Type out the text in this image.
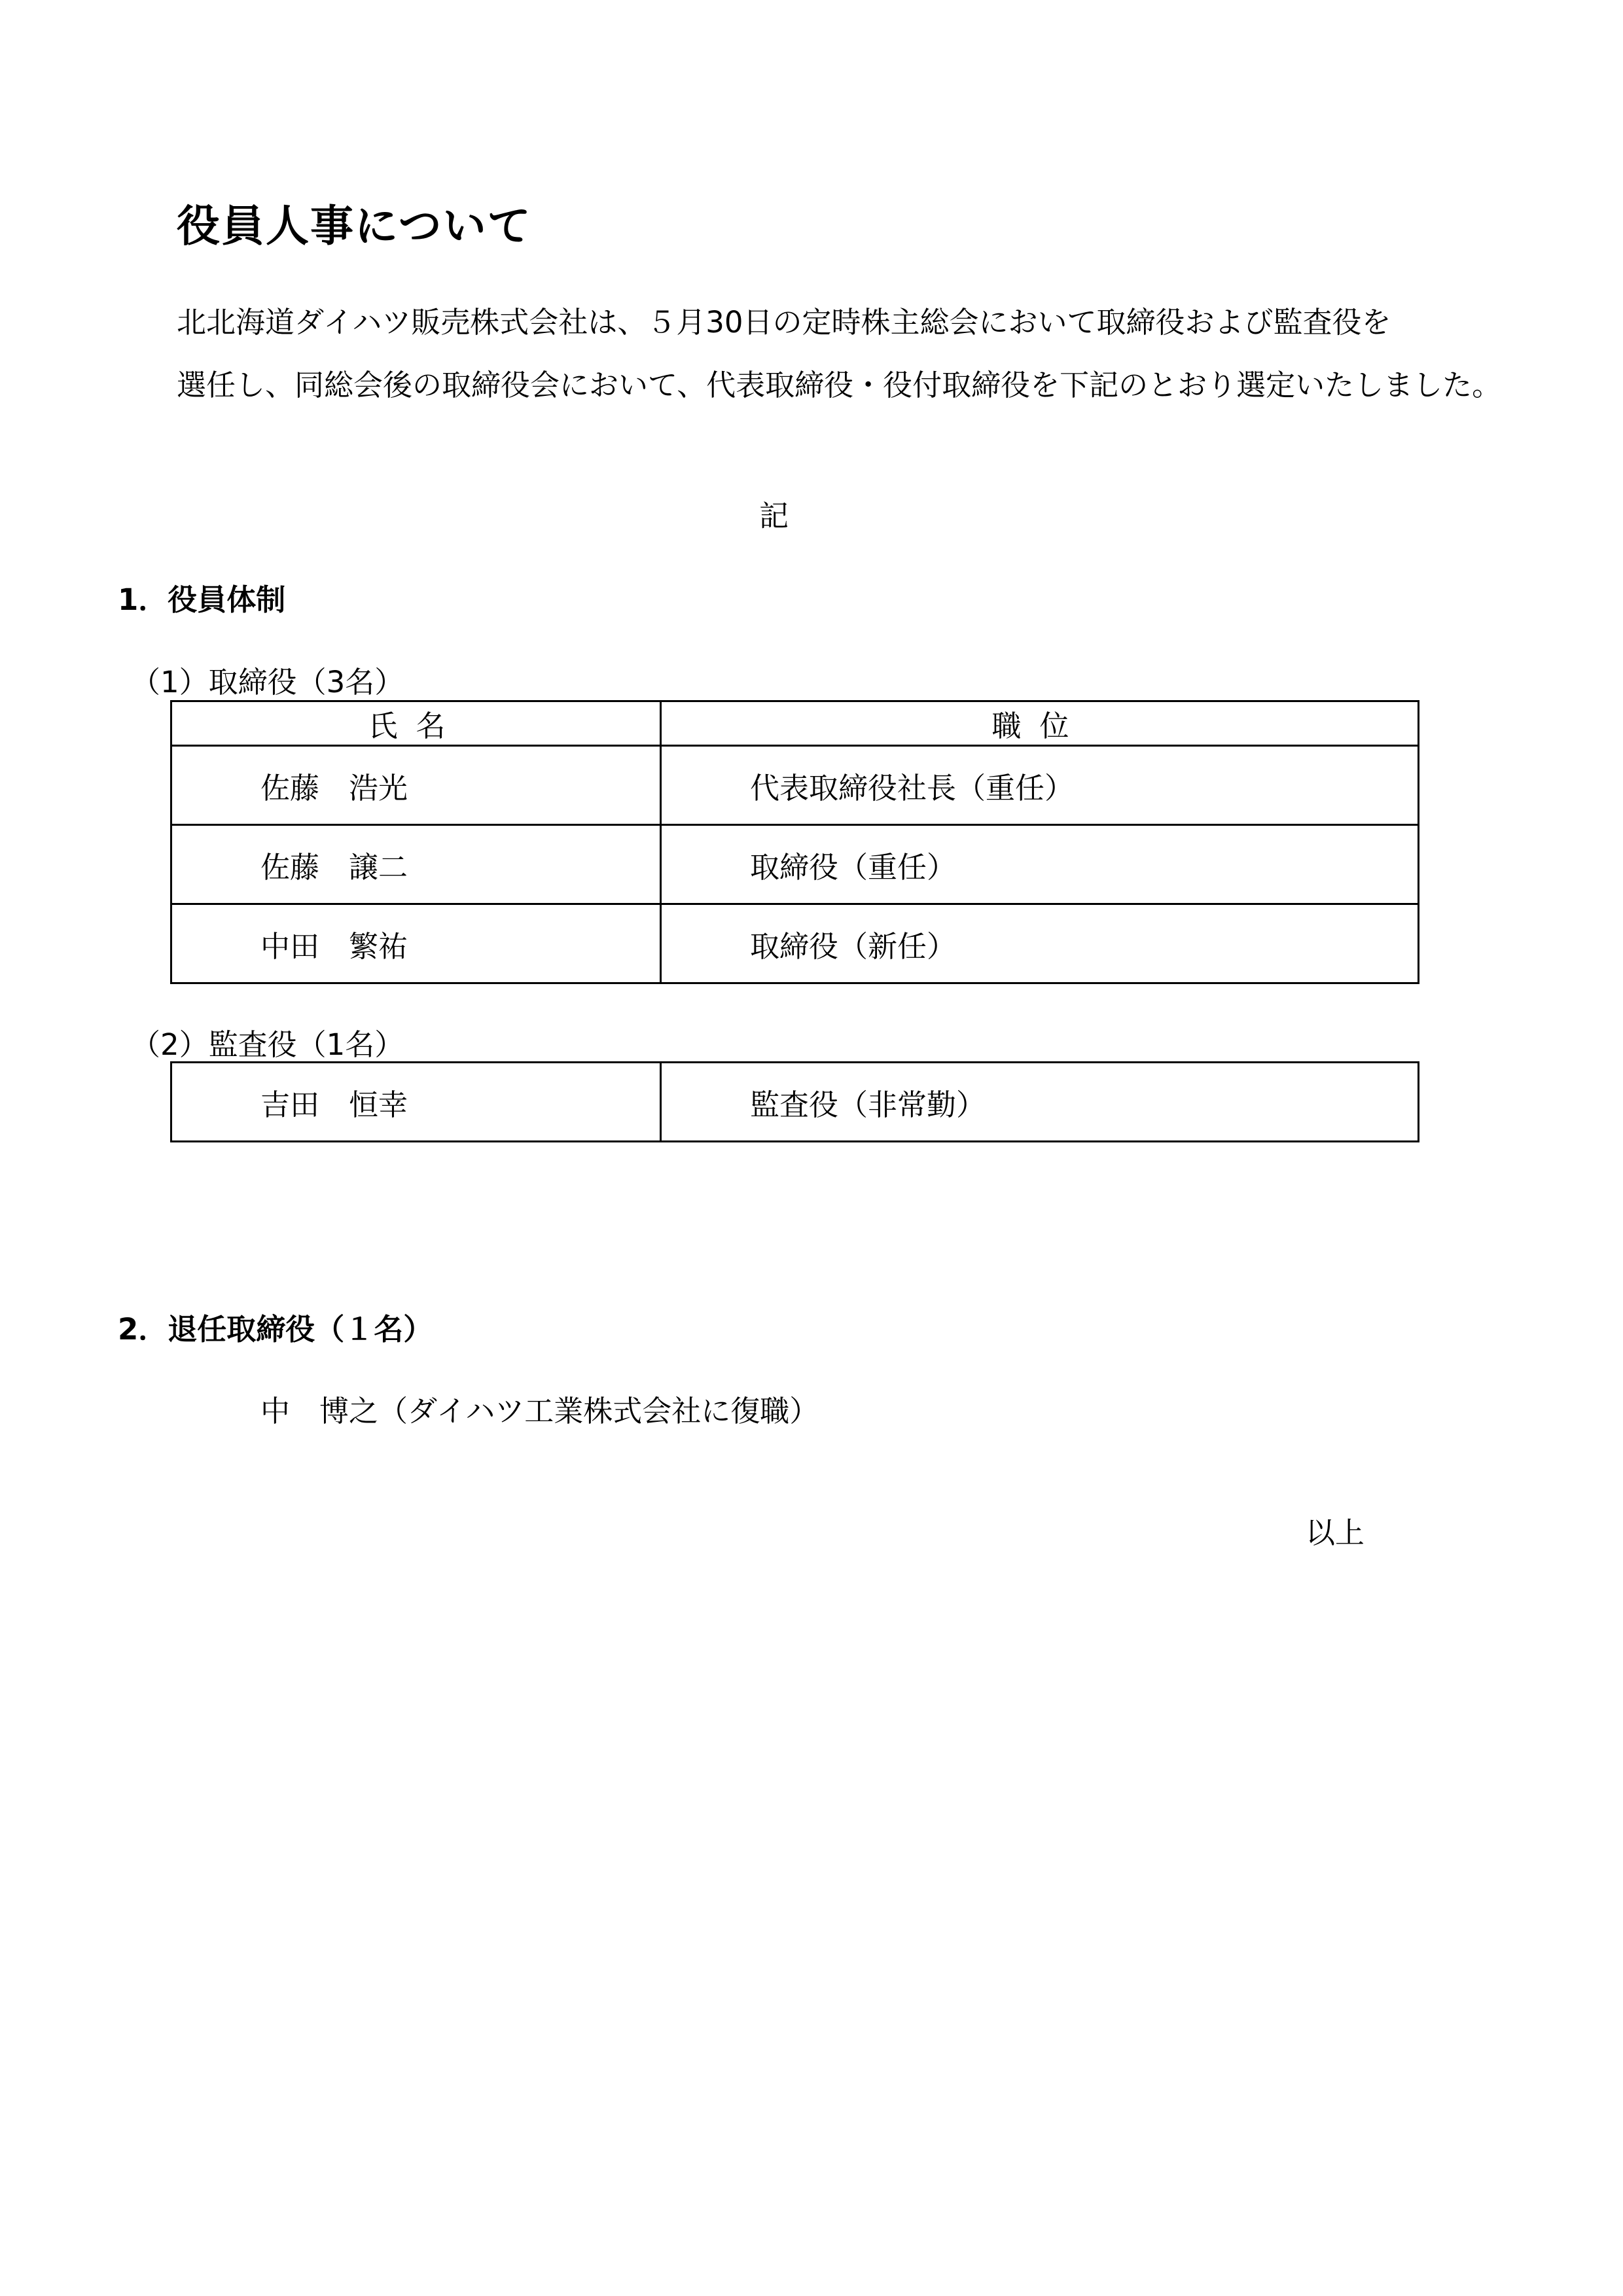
役員人事について
北北海道ダイハツ販売株式会社は、５月30日の定時株主総会において取締役および監査役を
選任し、同総会後の取締役会において、代表取締役・役付取締役を下記のとおり選定いたしました。
記
1．役員体制
（1）取締役（3名）
氏名	職位
佐藤　浩光	代表取締役社長（重任）
佐藤　譲二	取締役（重任）
中田　繁祐	取締役（新任）
（2）監査役（1名）
吉田　恒幸	監査役（非常勤）
2．退任取締役（１名）
中　博之（ダイハツ工業株式会社に復職）
以上
